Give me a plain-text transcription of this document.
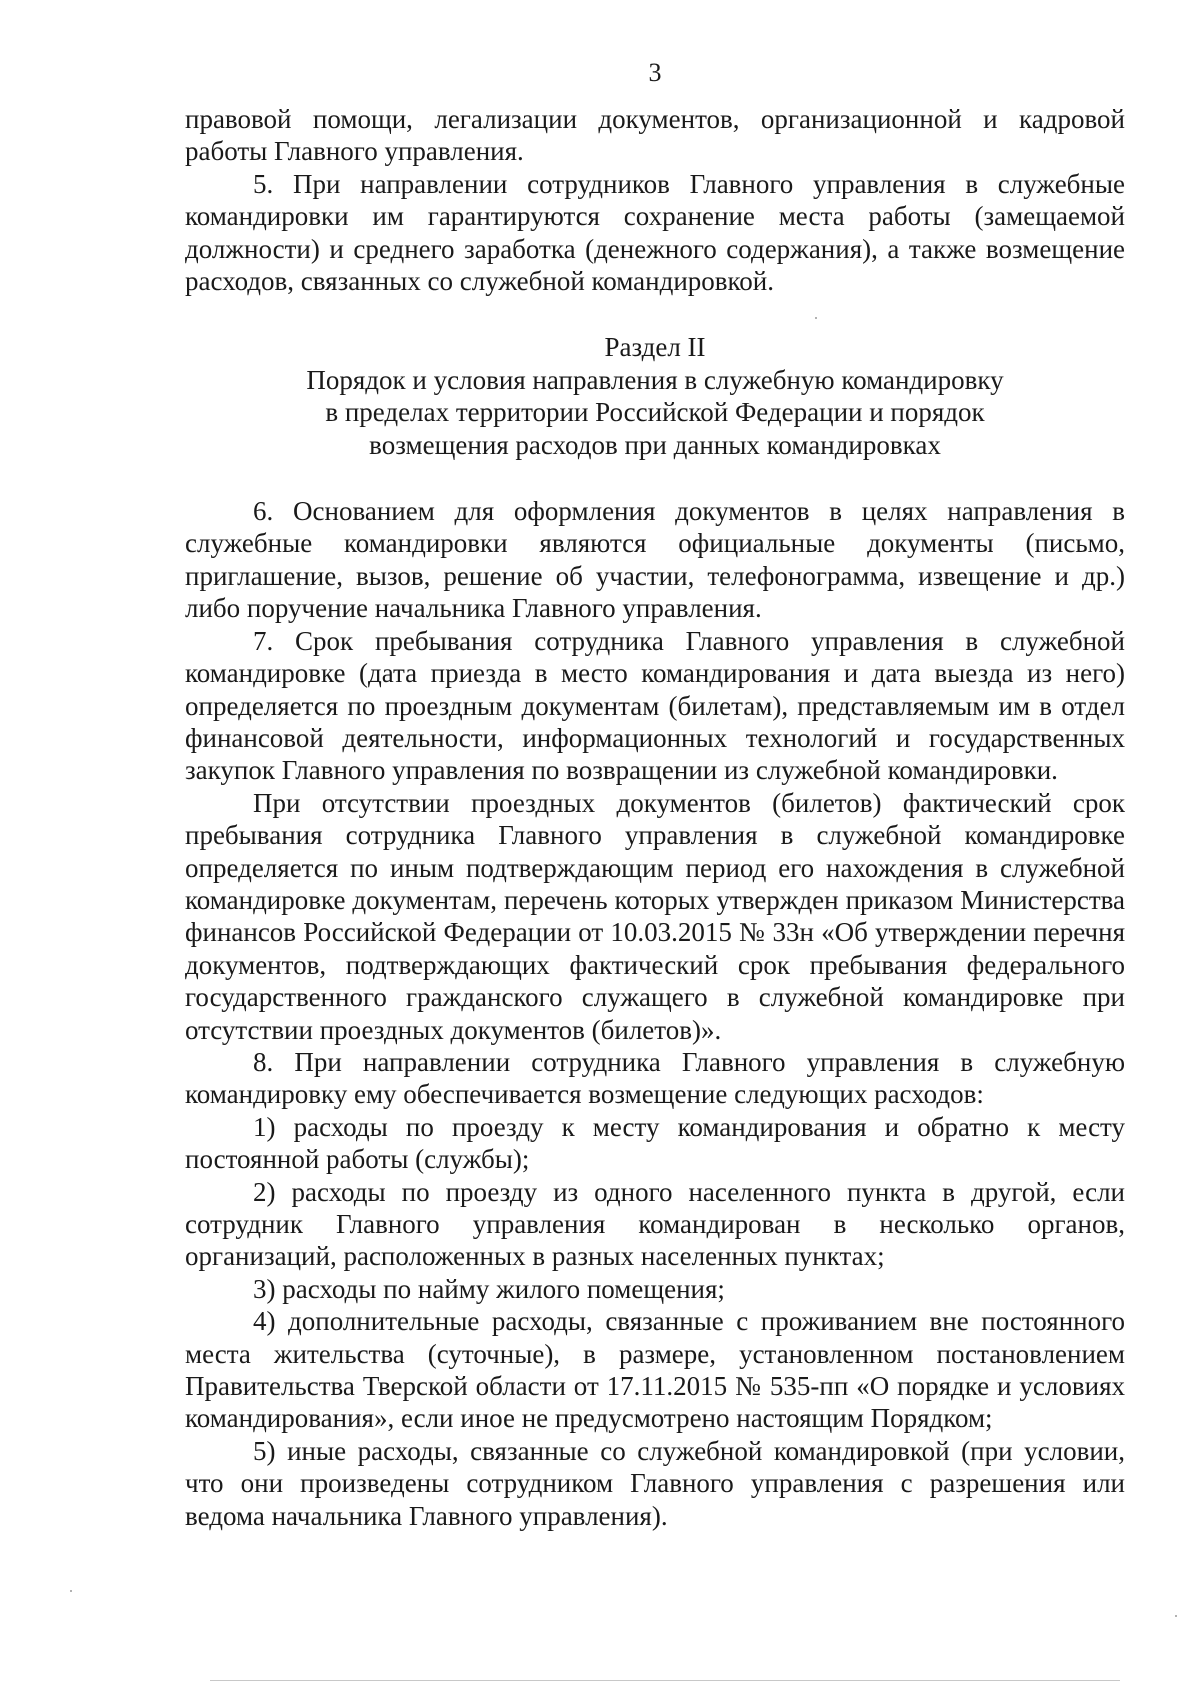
3

правовой помощи, легализации документов, организационной и кадровой работы Главного управления.

5. При направлении сотрудников Главного управления в служебные командировки им гарантируются сохранение места работы (замещаемой должности) и среднего заработка (денежного содержания), а также возмещение расходов, связанных со служебной командировкой.

Раздел II

Порядок и условия направления в служебную командировку

в пределах территории Российской Федерации и порядок

возмещения расходов при данных командировках

6. Основанием для оформления документов в целях направления в служебные командировки являются официальные документы (письмо, приглашение, вызов, решение об участии, телефонограмма, извещение и др.) либо поручение начальника Главного управления.

7. Срок пребывания сотрудника Главного управления в служебной командировке (дата приезда в место командирования и дата выезда из него) определяется по проездным документам (билетам), представляемым им в отдел финансовой деятельности, информационных технологий и государственных закупок Главного управления по возвращении из служебной командировки.

При отсутствии проездных документов (билетов) фактический срок пребывания сотрудника Главного управления в служебной командировке определяется по иным подтверждающим период его нахождения в служебной командировке документам, перечень которых утвержден приказом Министерства финансов Российской Федерации от 10.03.2015 № 33н «Об утверждении перечня документов, подтверждающих фактический срок пребывания федерального государственного гражданского служащего в служебной командировке при отсутствии проездных документов (билетов)».

8. При направлении сотрудника Главного управления в служебную командировку ему обеспечивается возмещение следующих расходов:

1) расходы по проезду к месту командирования и обратно к месту постоянной работы (службы);

2) расходы по проезду из одного населенного пункта в другой, если сотрудник Главного управления командирован в несколько органов, организаций, расположенных в разных населенных пунктах;

3) расходы по найму жилого помещения;

4) дополнительные расходы, связанные с проживанием вне постоянного места жительства (суточные), в размере, установленном постановлением Правительства Тверской области от 17.11.2015 № 535-пп «О порядке и условиях командирования», если иное не предусмотрено настоящим Порядком;

5) иные расходы, связанные со служебной командировкой (при условии, что они произведены сотрудником Главного управления с разрешения или ведома начальника Главного управления).
